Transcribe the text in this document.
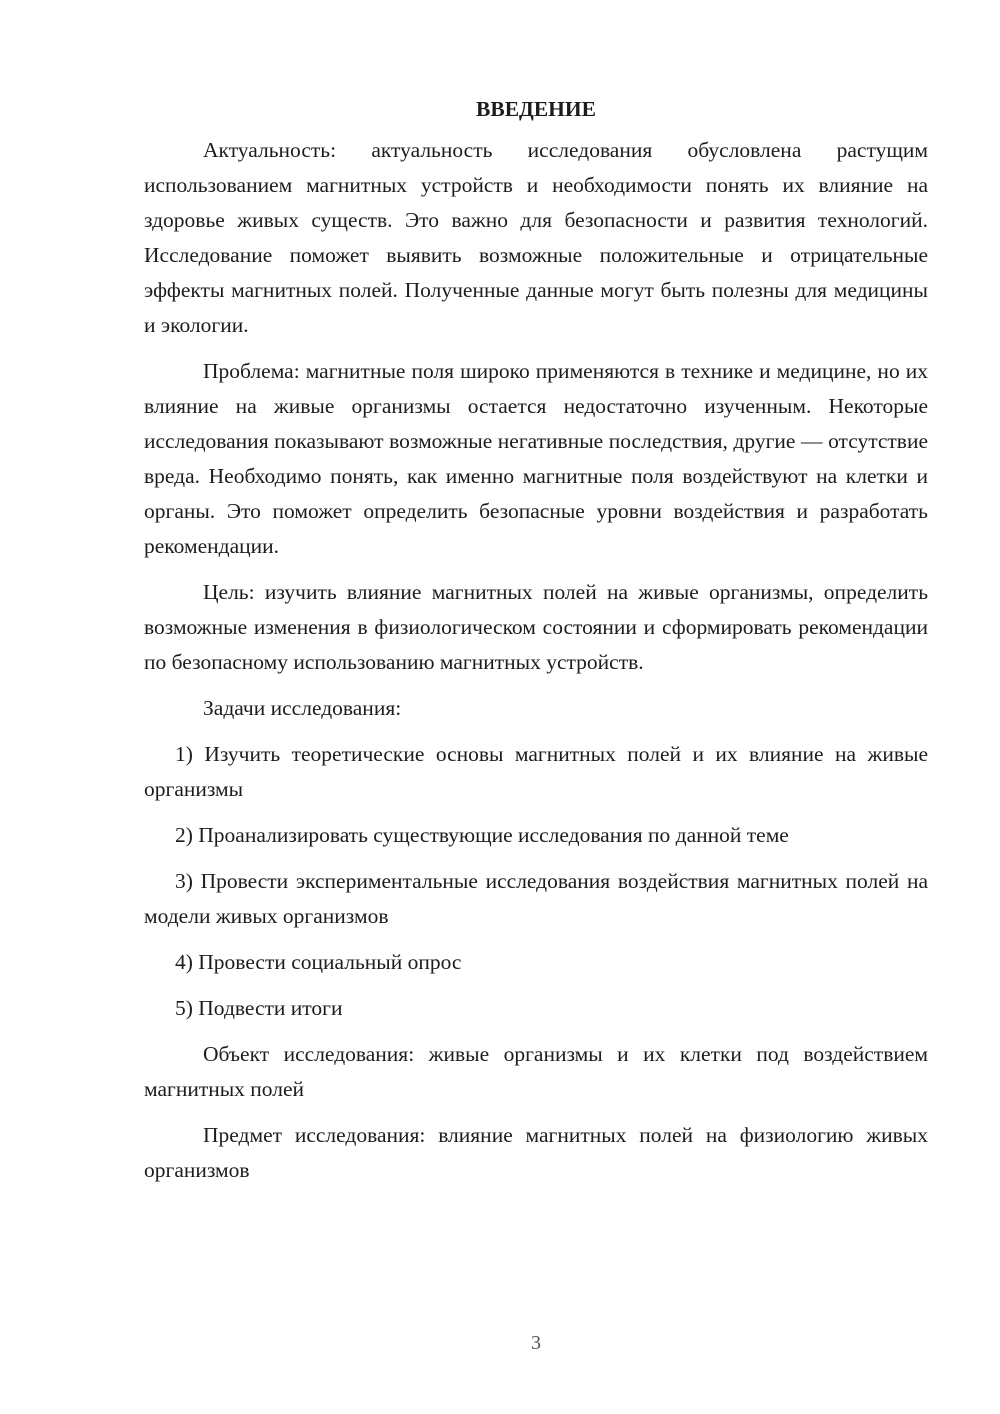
ВВЕДЕНИЕ

Актуальность: актуальность исследования обусловлена растущим использованием магнитных устройств и необходимости понять их влияние на здоровье живых существ. Это важно для безопасности и развития технологий. Исследование поможет выявить возможные положительные и отрицательные эффекты магнитных полей. Полученные данные могут быть полезны для медицины и экологии.

Проблема: магнитные поля широко применяются в технике и медицине, но их влияние на живые организмы остается недостаточно изученным. Некоторые исследования показывают возможные негативные последствия, другие — отсутствие вреда. Необходимо понять, как именно магнитные поля воздействуют на клетки и органы. Это поможет определить безопасные уровни воздействия и разработать рекомендации.

Цель: изучить влияние магнитных полей на живые организмы, определить возможные изменения в физиологическом состоянии и сформировать рекомендации по безопасному использованию магнитных устройств.

Задачи исследования:

1) Изучить теоретические основы магнитных полей и их влияние на живые организмы

2) Проанализировать существующие исследования по данной теме

3) Провести экспериментальные исследования воздействия магнитных полей на модели живых организмов

4) Провести социальный опрос

5) Подвести итоги

Объект исследования: живые организмы и их клетки под воздействием магнитных полей

Предмет исследования: влияние магнитных полей на физиологию живых организмов

3
